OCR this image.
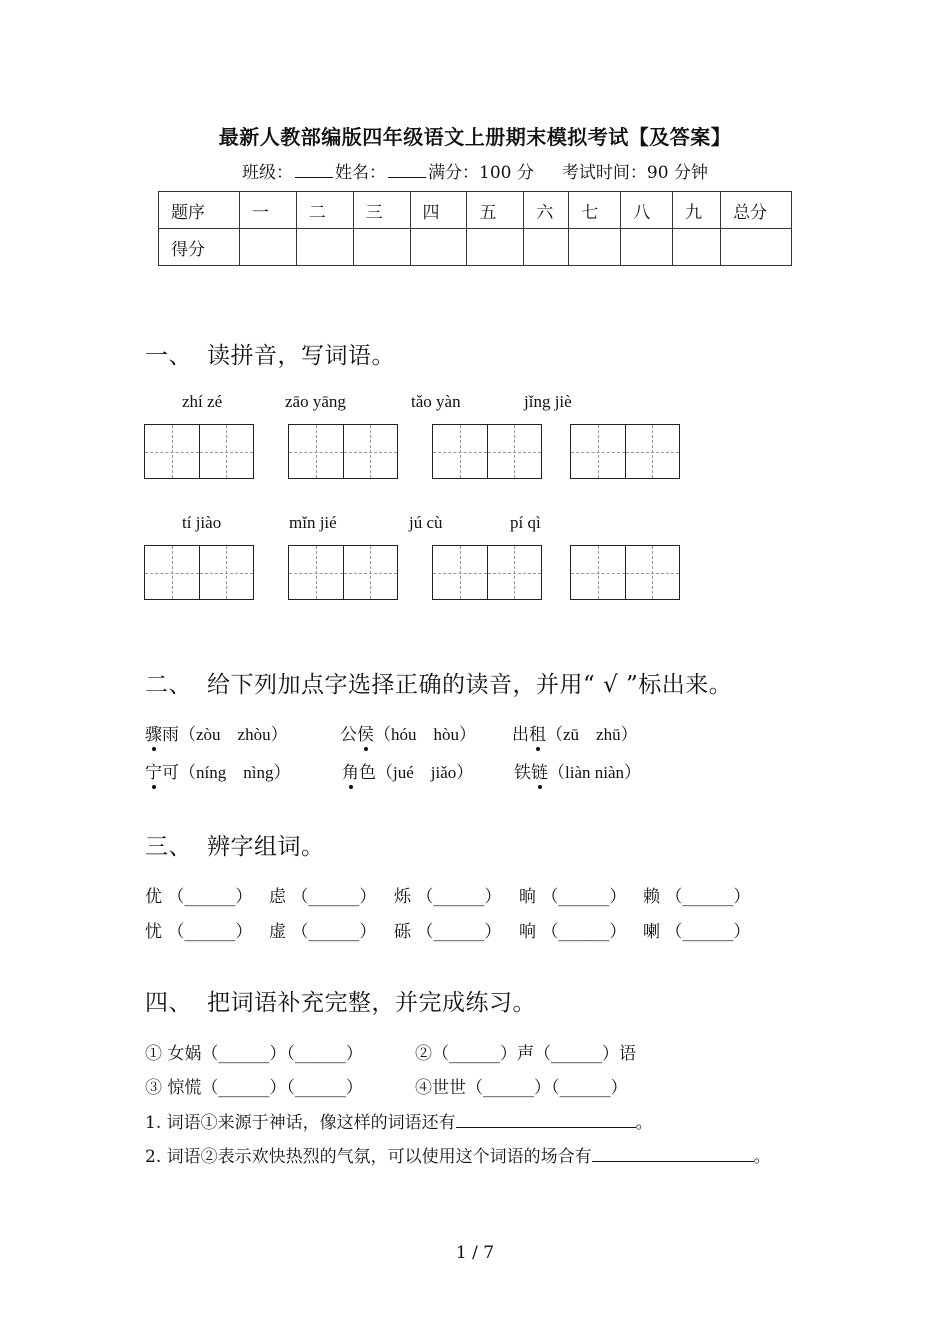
最新人教部编版四年级语文上册期末模拟考试【及答案】
班级： 姓名： 满分：100 分 考试时间：90 分钟
题序	一	二	三	四	五	六	七	八	九	总分
得分										
一、 读拼音，写词语。
zhí zé	zāo yāng	tǎo yàn	jǐng jiè
tí jiào	mǐn jié	jú cù	pí qì
二、 给下列加点字选择正确的读音，并用“ √ ”标出来。
骤雨（zòu　zhòu）	公侯（hóu　hòu） 出租（zū　zhū）
宁可（níng　nìng）	角色（jué　jiǎo） 铁链（liàn niàn）
三、 辨字组词。
优 （______） 虑 （______） 烁 （______） 晌 （______） 赖 （______）
忧 （______） 虚 （______） 砾 （______） 响 （______） 喇 （______）
四、 把词语补充完整，并完成练习。
① 女娲（______）（______）	②（______）声（______）语
③ 惊慌（______）（______）	④世世（______）（______）
1. 词语①来源于神话，像这样的词语还有	。
2. 词语②表示欢快热烈的气氛，可以使用这个词语的场合有	。
1 / 7
